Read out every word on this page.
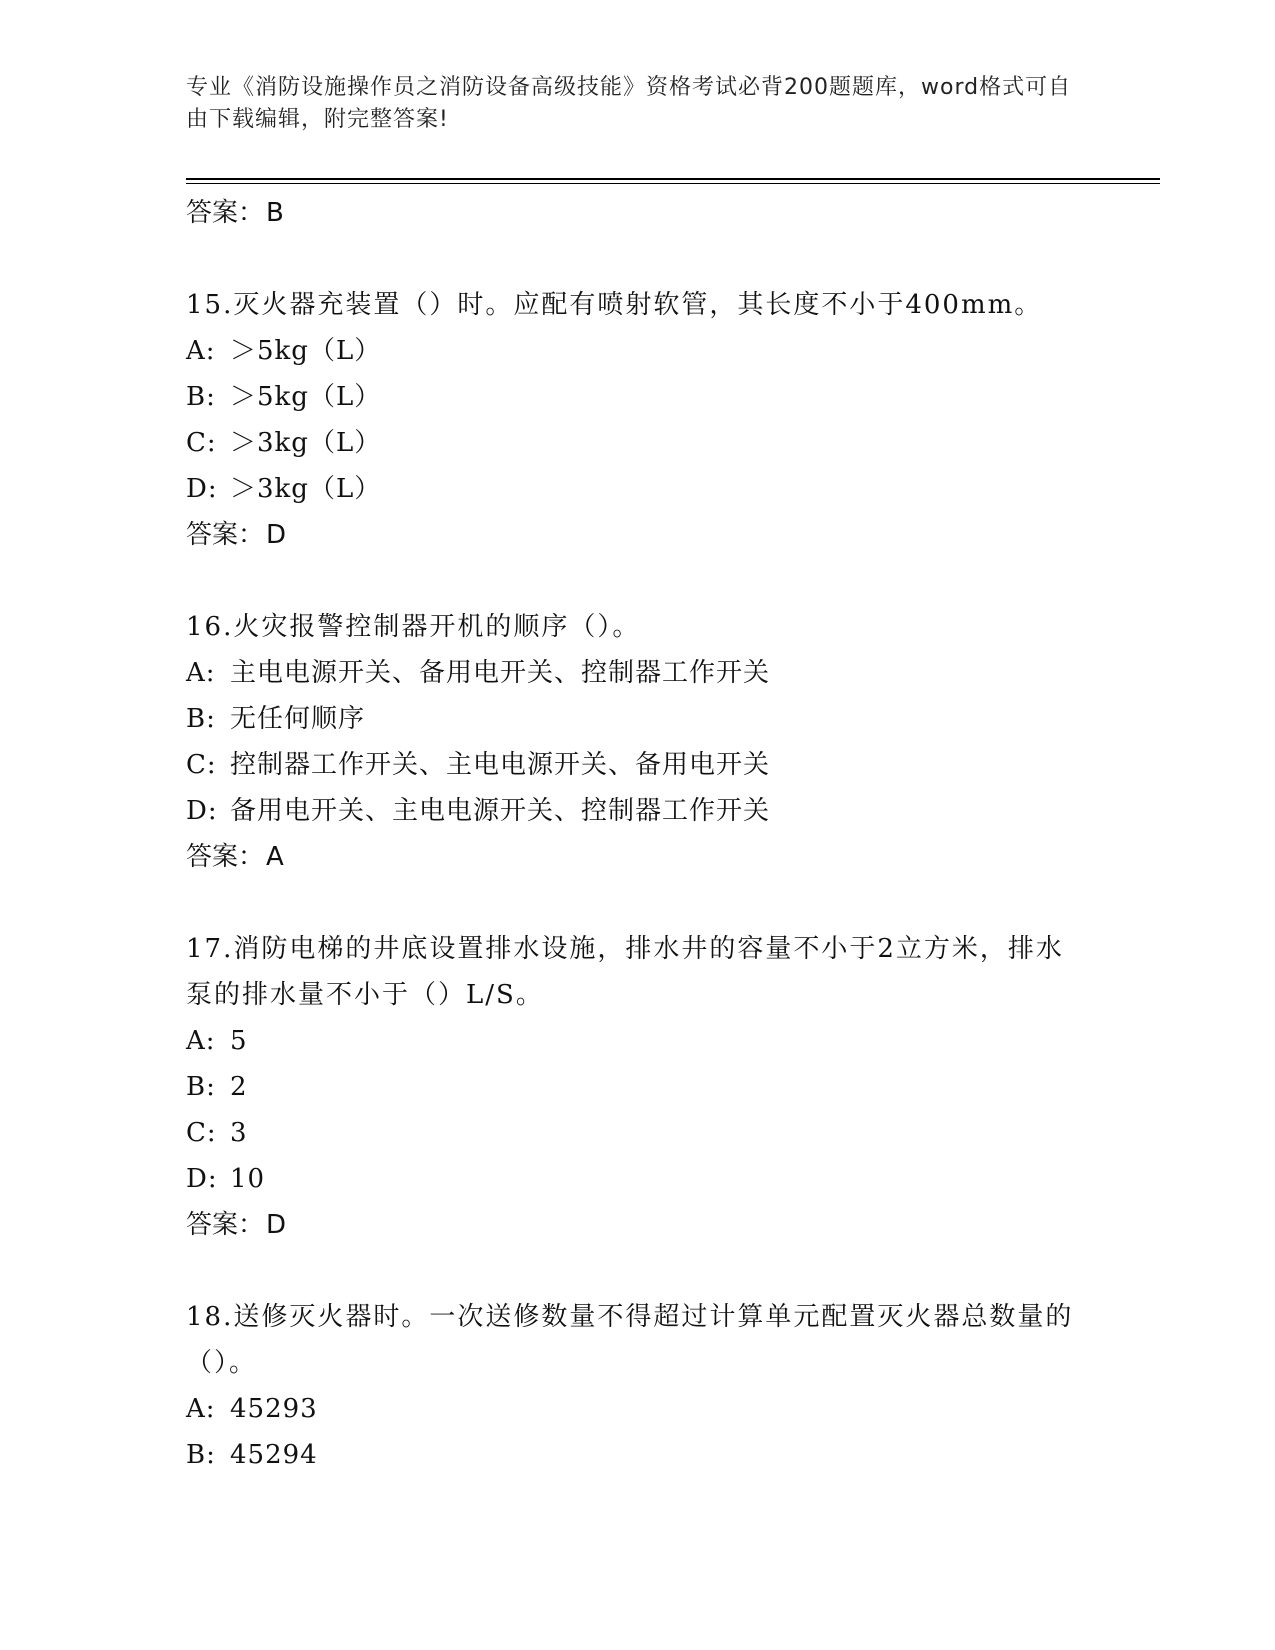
专业《消防设施操作员之消防设备高级技能》资格考试必背200题题库，word格式可自由下载编辑，附完整答案!
答案：B
15.灭火器充装置（）时。应配有喷射软管，其长度不小于400mm。
A: ＞5kg（L）
B: ＞5kg（L）
C: ＞3kg（L）
D: ＞3kg（L）
答案：D
16.火灾报警控制器开机的顺序（）。
A: 主电电源开关、备用电开关、控制器工作开关
B: 无任何顺序
C: 控制器工作开关、主电电源开关、备用电开关
D: 备用电开关、主电电源开关、控制器工作开关
答案：A
17.消防电梯的井底设置排水设施，排水井的容量不小于2立方米，排水泵的排水量不小于（）L/S。
A: 5
B: 2
C: 3
D: 10
答案：D
18.送修灭火器时。一次送修数量不得超过计算单元配置灭火器总数量的（）。
A: 45293
B: 45294
